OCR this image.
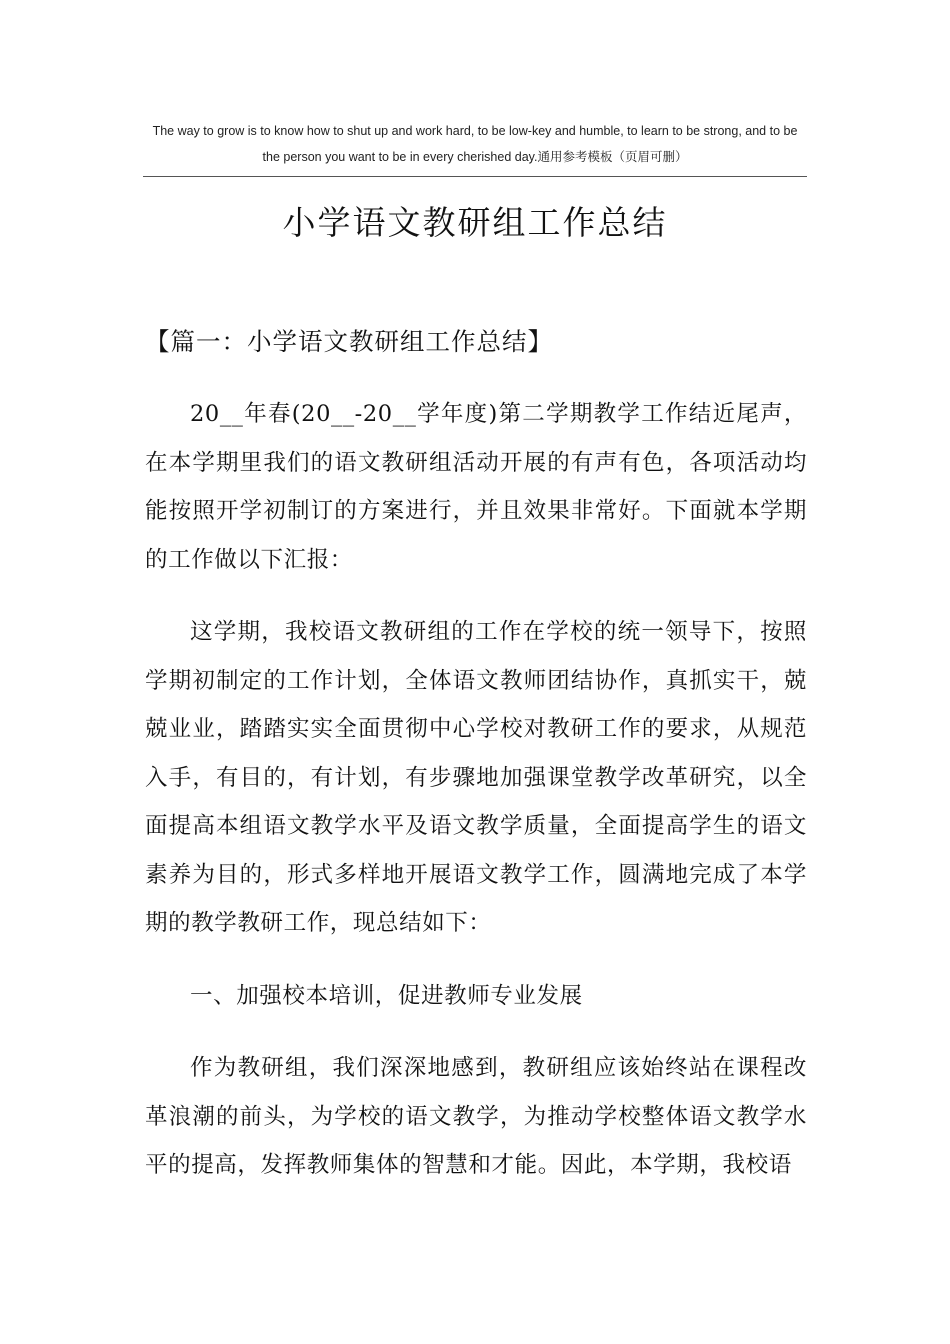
The way to grow is to know how to shut up and work hard, to be low-key and humble, to learn to be strong, and to be the person you want to be in every cherished day.通用参考模板（页眉可删）
小学语文教研组工作总结

【篇一：小学语文教研组工作总结】

20__年春(20__-20__学年度)第二学期教学工作结近尾声，在本学期里我们的语文教研组活动开展的有声有色，各项活动均能按照开学初制订的方案进行，并且效果非常好。下面就本学期的工作做以下汇报：

这学期，我校语文教研组的工作在学校的统一领导下，按照学期初制定的工作计划，全体语文教师团结协作，真抓实干，兢兢业业，踏踏实实全面贯彻中心学校对教研工作的要求，从规范入手，有目的，有计划，有步骤地加强课堂教学改革研究，以全面提高本组语文教学水平及语文教学质量，全面提高学生的语文素养为目的，形式多样地开展语文教学工作，圆满地完成了本学期的教学教研工作，现总结如下：

一、加强校本培训，促进教师专业发展

作为教研组，我们深深地感到，教研组应该始终站在课程改革浪潮的前头，为学校的语文教学，为推动学校整体语文教学水平的提高，发挥教师集体的智慧和才能。因此，本学期，我校语
